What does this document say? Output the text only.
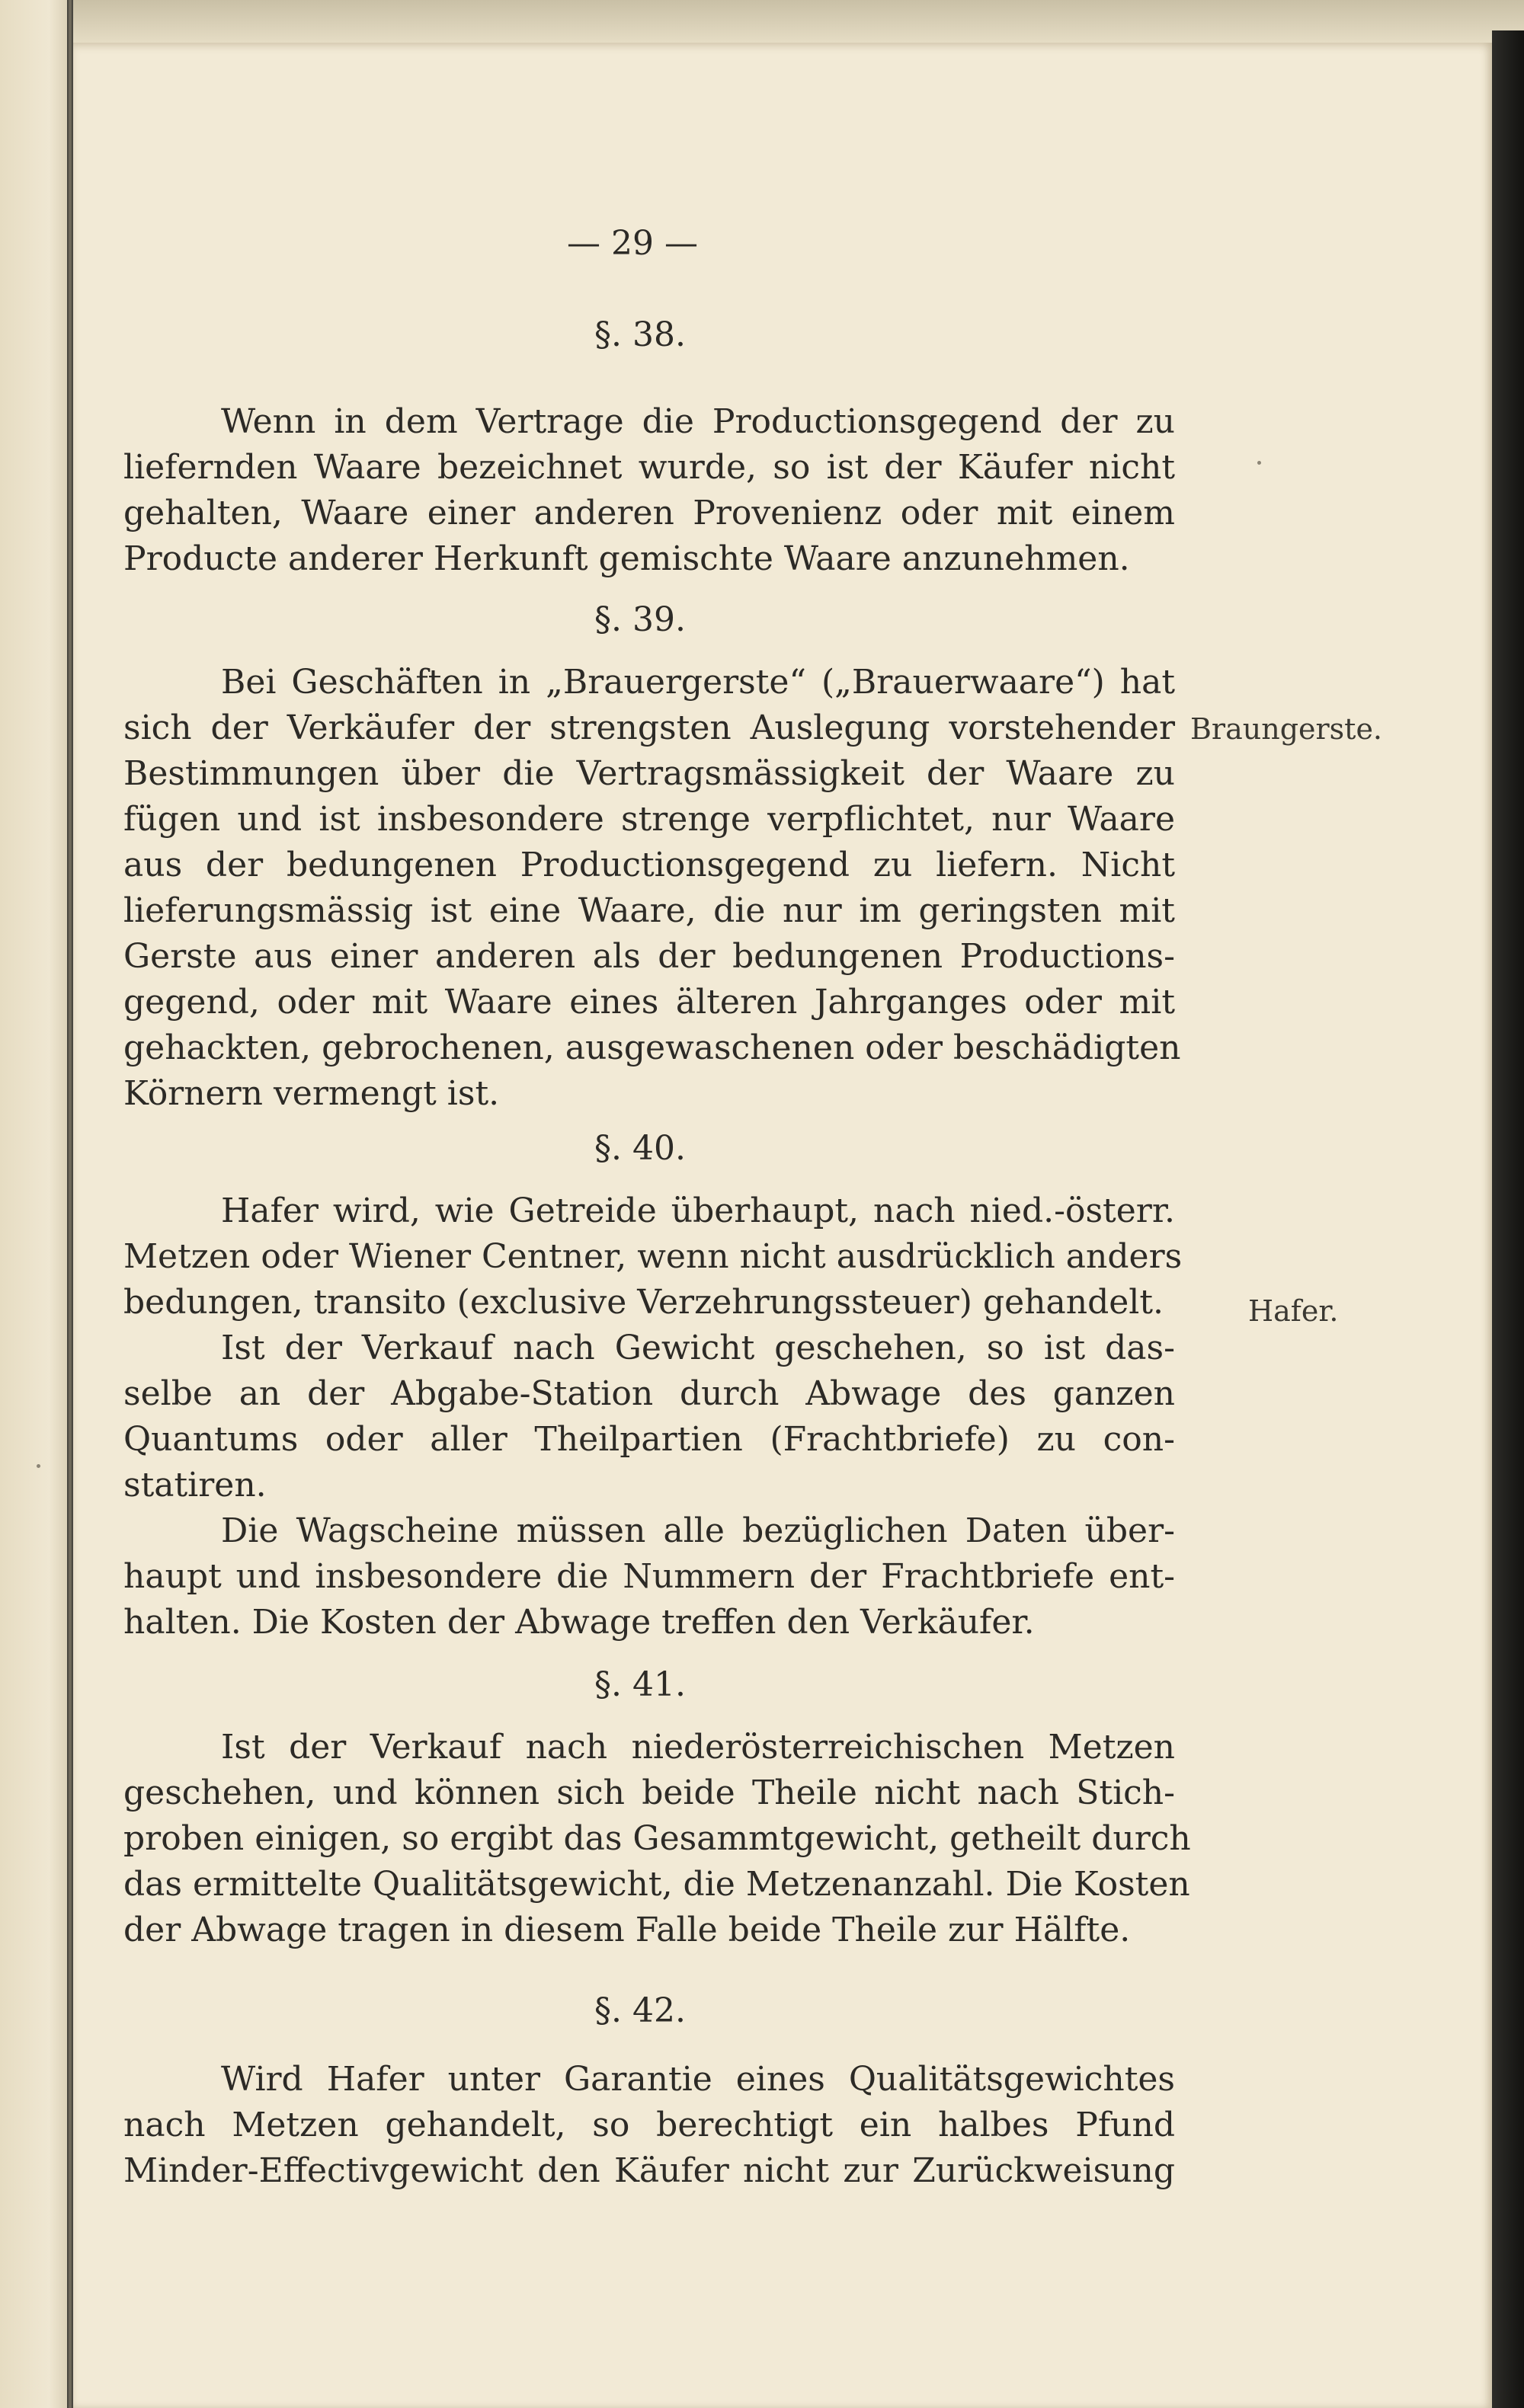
— 29 —
§. 38.
Wenn in dem Vertrage die Productionsgegend der zu
liefernden Waare bezeichnet wurde, so ist der Käufer nicht
gehalten, Waare einer anderen Provenienz oder mit einem
Producte anderer Herkunft gemischte Waare anzunehmen.
§. 39.
Bei Geschäften in „Brauergerste“ („Brauerwaare“) hat
sich der Verkäufer der strengsten Auslegung vorstehender Braungerste.
Bestimmungen über die Vertragsmässigkeit der Waare zu
fügen und ist insbesondere strenge verpflichtet, nur Waare
aus der bedungenen Productionsgegend zu liefern. Nicht
lieferungsmässig ist eine Waare, die nur im geringsten mit
Gerste aus einer anderen als der bedungenen Productions-
gegend, oder mit Waare eines älteren Jahrganges oder mit
gehackten, gebrochenen, ausgewaschenen oder beschädigten
Körnern vermengt ist.
§. 40.
Hafer wird, wie Getreide überhaupt, nach nied.-österr.
Metzen oder Wiener Centner, wenn nicht ausdrücklich anders
bedungen, transito (exclusive Verzehrungssteuer) gehandelt.	Hafer.
Ist der Verkauf nach Gewicht geschehen, so ist das-
selbe an der Abgabe-Station durch Abwage des ganzen
Quantums oder aller Theilpartien (Frachtbriefe) zu con-
statiren.
Die Wagscheine müssen alle bezüglichen Daten über-
haupt und insbesondere die Nummern der Frachtbriefe ent-
halten. Die Kosten der Abwage treffen den Verkäufer.
§. 41.
Ist der Verkauf nach niederösterreichischen Metzen
geschehen, und können sich beide Theile nicht nach Stich-
proben einigen, so ergibt das Gesammtgewicht, getheilt durch
das ermittelte Qualitätsgewicht, die Metzenanzahl. Die Kosten
der Abwage tragen in diesem Falle beide Theile zur Hälfte.
§. 42.
Wird Hafer unter Garantie eines Qualitätsgewichtes
nach Metzen gehandelt, so berechtigt ein halbes Pfund
Minder-Effectivgewicht den Käufer nicht zur Zurückweisung
